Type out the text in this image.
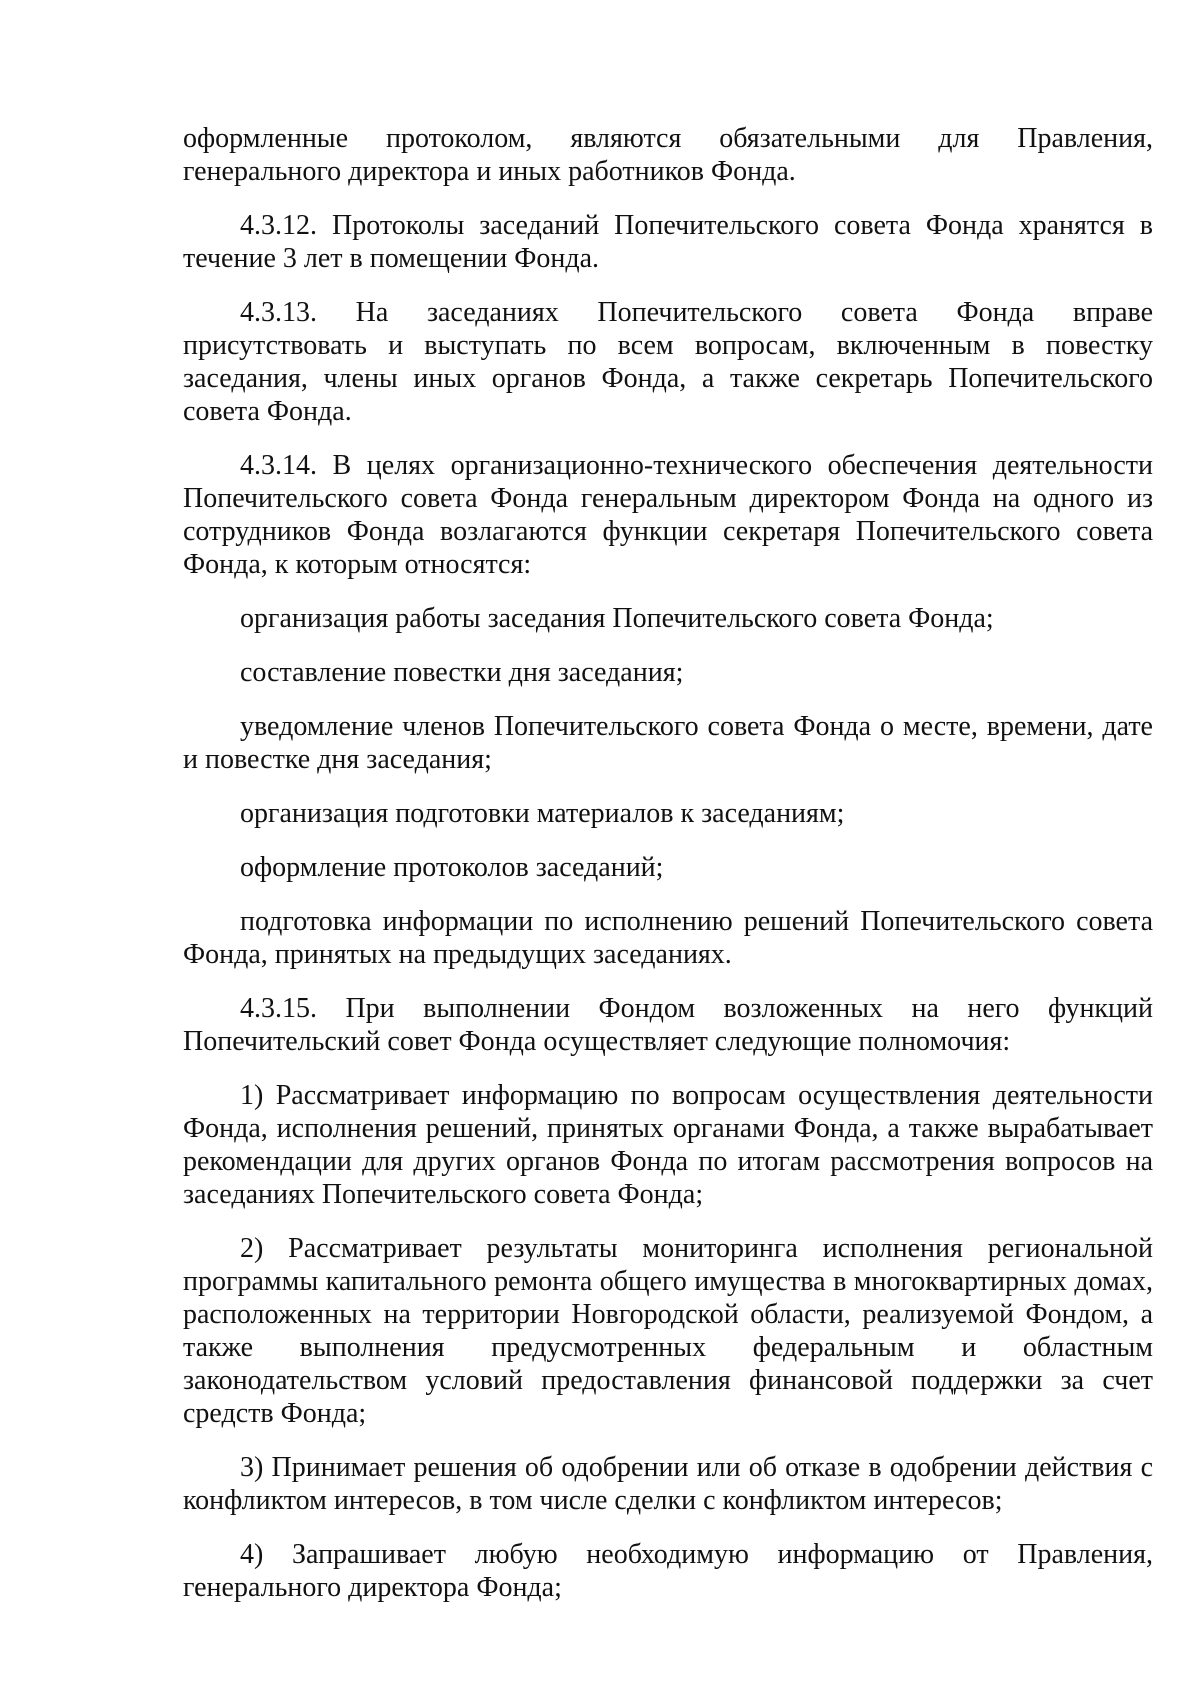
оформленные протоколом, являются обязательными для Правления, генерального директора и иных работников Фонда.

4.3.12. Протоколы заседаний Попечительского совета Фонда хранятся в течение 3 лет в помещении Фонда.

4.3.13. На заседаниях Попечительского совета Фонда вправе присутствовать и выступать по всем вопросам, включенным в повестку заседания, члены иных органов Фонда, а также секретарь Попечительского совета Фонда.

4.3.14. В целях организационно-технического обеспечения деятельности Попечительского совета Фонда генеральным директором Фонда на одного из сотрудников Фонда возлагаются функции секретаря Попечительского совета Фонда, к которым относятся:

организация работы заседания Попечительского совета Фонда;

составление повестки дня заседания;

уведомление членов Попечительского совета Фонда о месте, времени, дате и повестке дня заседания;

организация подготовки материалов к заседаниям;

оформление протоколов заседаний;

подготовка информации по исполнению решений Попечительского совета Фонда, принятых на предыдущих заседаниях.

4.3.15. При выполнении Фондом возложенных на него функций Попечительский совет Фонда осуществляет следующие полномочия:

1) Рассматривает информацию по вопросам осуществления деятельности Фонда, исполнения решений, принятых органами Фонда, а также вырабатывает рекомендации для других органов Фонда по итогам рассмотрения вопросов на заседаниях Попечительского совета Фонда;

2) Рассматривает результаты мониторинга исполнения региональной программы капитального ремонта общего имущества в многоквартирных домах, расположенных на территории Новгородской области, реализуемой Фондом, а также выполнения предусмотренных федеральным и областным законодательством условий предоставления финансовой поддержки за счет средств Фонда;

3) Принимает решения об одобрении или об отказе в одобрении действия с конфликтом интересов, в том числе сделки с конфликтом интересов;

4) Запрашивает любую необходимую информацию от Правления, генерального директора Фонда;
